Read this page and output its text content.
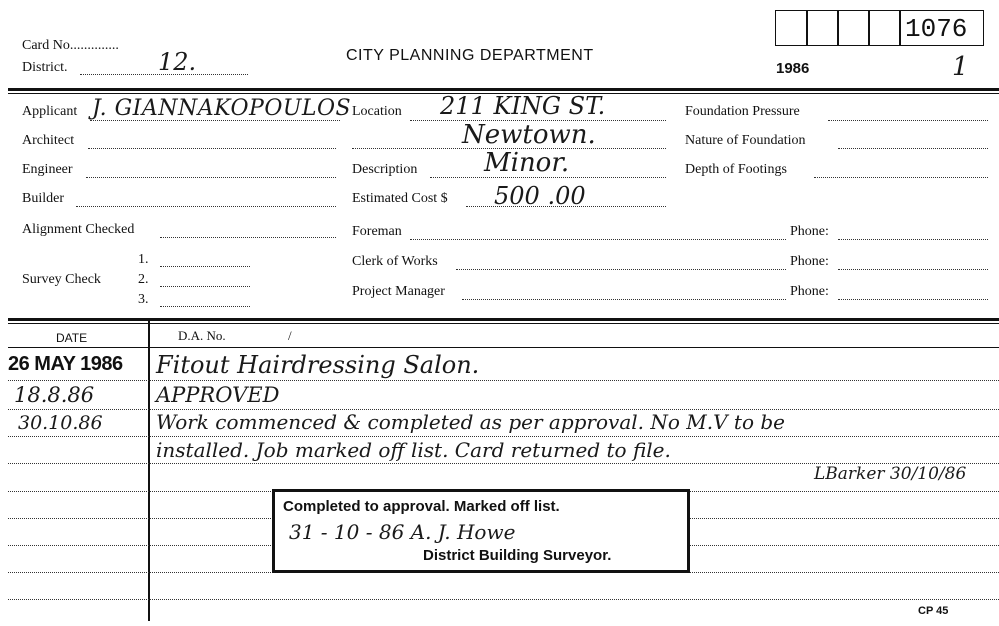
Card No..............
District.	12.	CITY PLANNING DEPARTMENT
1986
1076
1
Applicant J. GIANNAKOPOULOS
Architect
Engineer
Builder
Alignment Checked
Survey Check
1.
2.
3.
Location 211 KING ST.
Newtown.
Description	Minor.
Estimated Cost $ 500 .00
Foreman
Clerk of Works
Project Manager
Phone:
Phone:
Phone:
Foundation Pressure
Nature of Foundation
Depth of Footings
DATE	D.A. No.	/
26 MAY 1986 Fitout Hairdressing Salon.
18.8.86	APPROVED
30.10.86	Work commenced & completed as per approval. No M.V to be
installed. Job marked off list. Card returned to file.
LBarker 30/10/86
Completed to approval. Marked off list.
31 - 10 - 86 A. J. Howe
District Building Surveyor.
CP 45
